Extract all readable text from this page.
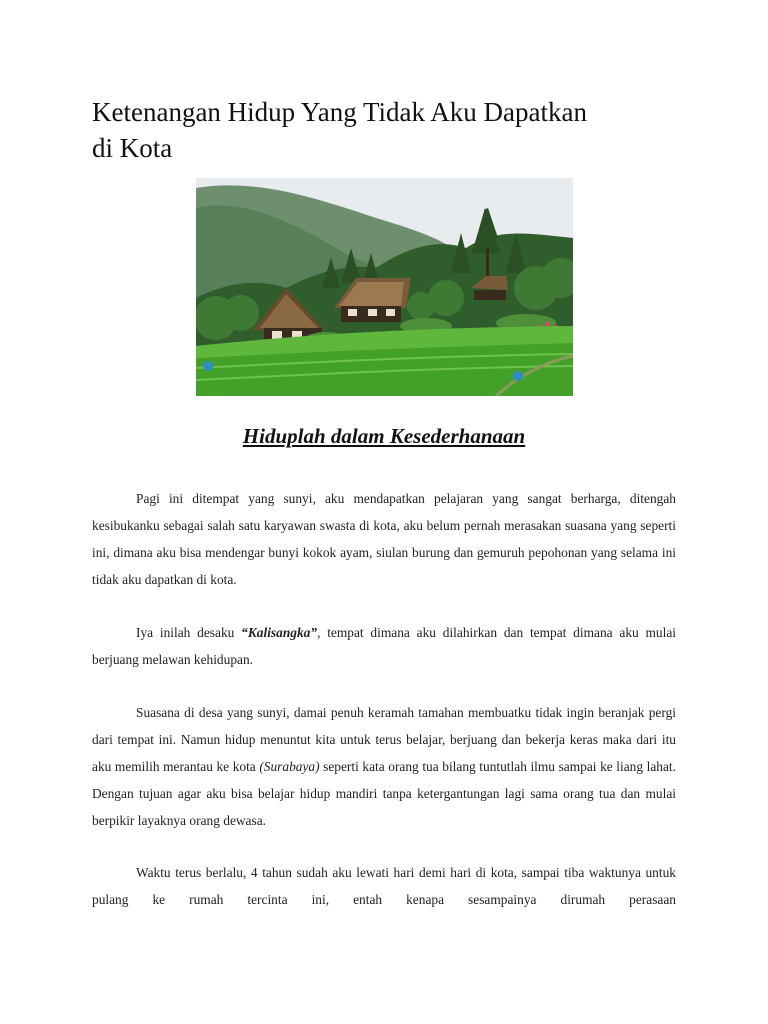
Ketenangan Hidup Yang Tidak Aku Dapatkan di Kota
Hiduplah dalam Kesederhanaan

Pagi ini ditempat yang sunyi, aku mendapatkan pelajaran yang sangat berharga, ditengah kesibukanku sebagai salah satu karyawan swasta di kota, aku belum pernah merasakan suasana yang seperti ini, dimana aku bisa mendengar bunyi kokok ayam, siulan burung dan gemuruh pepohonan yang selama ini tidak aku dapatkan di kota.

Iya inilah desaku “Kalisangka”, tempat dimana aku dilahirkan dan tempat dimana aku mulai berjuang melawan kehidupan.

Suasana di desa yang sunyi, damai penuh keramah tamahan membuatku tidak ingin beranjak pergi dari tempat ini. Namun hidup menuntut kita untuk terus belajar, berjuang dan bekerja keras maka dari itu aku memilih merantau ke kota (Surabaya) seperti kata orang tua bilang tuntutlah ilmu sampai ke liang lahat. Dengan tujuan agar aku bisa belajar hidup mandiri tanpa ketergantungan lagi sama orang tua dan mulai berpikir layaknya orang dewasa.

Waktu terus berlalu, 4 tahun sudah aku lewati hari demi hari di kota, sampai tiba waktunya untuk pulang ke rumah tercinta ini, entah kenapa sesampainya dirumah perasaan
